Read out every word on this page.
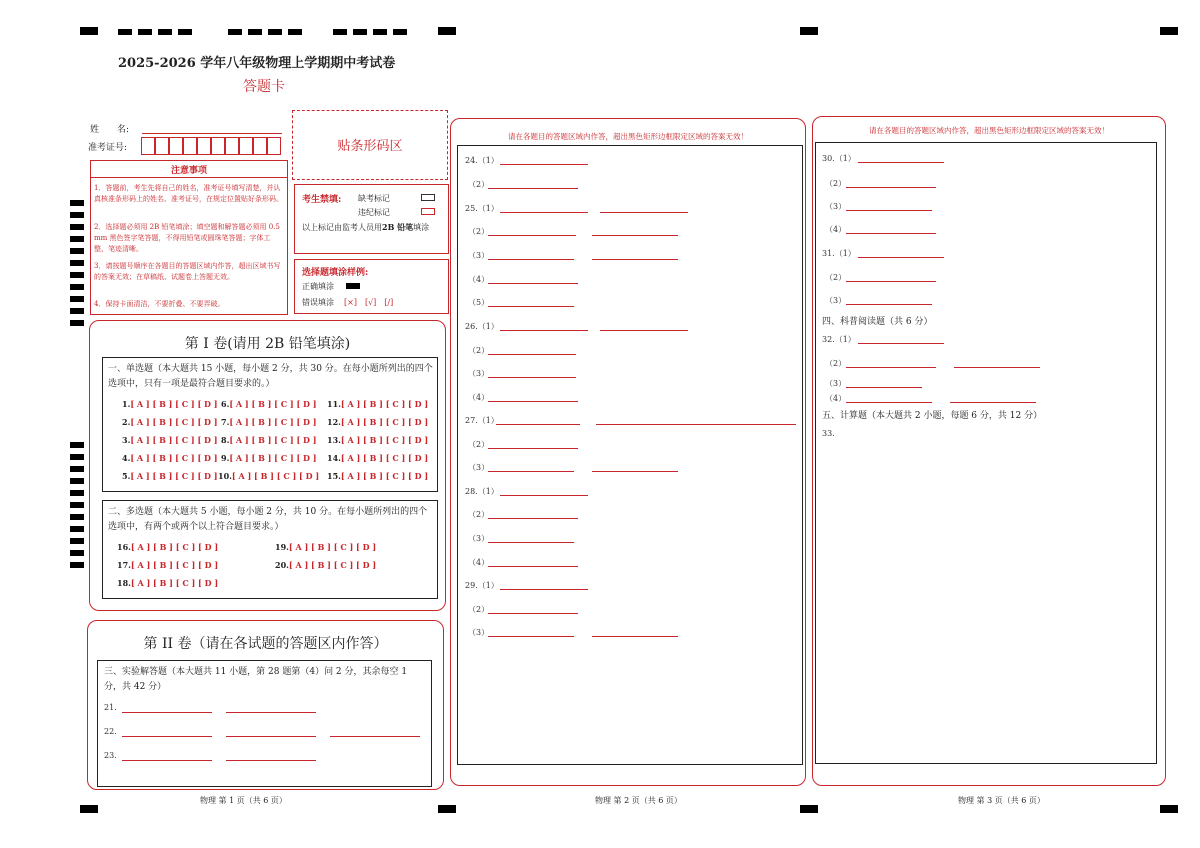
2025-2026 学年八年级物理上学期期中考试卷
答题卡
姓　　名:
准考证号:	贴条形码区
注意事项
1．答题前，考生先将自己的姓名，准考证号填写清楚，并认真核准条形码上的姓名、准考证号，在规定位置贴好条形码。
2．选择题必须用 2B 铅笔填涂；填空题和解答题必须用 0.5 mm 黑色签字笔答题，不得用铅笔或圆珠笔答题；字体工整、笔迹清晰。
3．请按题号顺序在各题目的答题区域内作答，超出区域书写的答案无效；在草稿纸、试题卷上答题无效。
4．保持卡面清洁，不要折叠、不要弄破。
考生禁填: 缺考标记
违纪标记
以上标记由监考人员用2B 铅笔填涂
选择题填涂样例:
正确填涂
错误填涂 [×]　[√]　[/]
第 I 卷(请用 2B 铅笔填涂)
一、单选题（本大题共 15 小题，每小题 2 分，共 30 分。在每小题所列出的四个选项中，只有一项是最符合题目要求的。）
1.[ A ] [ B ] [ C ] [ D ]
2.[ A ] [ B ] [ C ] [ D ]
3.[ A ] [ B ] [ C ] [ D ]
4.[ A ] [ B ] [ C ] [ D ]
5.[ A ] [ B ] [ C ] [ D ]
6.[ A ] [ B ] [ C ] [ D ]
7.[ A ] [ B ] [ C ] [ D ]
8.[ A ] [ B ] [ C ] [ D ]
9.[ A ] [ B ] [ C ] [ D ]
10.[ A ] [ B ] [ C ] [ D ]
11.[ A ] [ B ] [ C ] [ D ]
12.[ A ] [ B ] [ C ] [ D ]
13.[ A ] [ B ] [ C ] [ D ]
14.[ A ] [ B ] [ C ] [ D ]
15.[ A ] [ B ] [ C ] [ D ]
二、多选题（本大题共 5 小题，每小题 2 分，共 10 分。在每小题所列出的四个选项中，有两个或两个以上符合题目要求。）
16.[ A ] [ B ] [ C ] [ D ]
17.[ A ] [ B ] [ C ] [ D ]
18.[ A ] [ B ] [ C ] [ D ]
19.[ A ] [ B ] [ C ] [ D ]
20.[ A ] [ B ] [ C ] [ D ]
第 II 卷（请在各试题的答题区内作答）
三、实验解答题（本大题共 11 小题，第 28 题第（4）问 2 分，其余每空 1 分，共 42 分）
21.
22.
23.
物理 第 1 页（共 6 页）
请在各题目的答题区域内作答，超出黑色矩形边框限定区域的答案无效！
24.（1）
（2）
25.（1）
（2）
（3）
（4）
（5）
26.（1）
（2）
（3）
（4）
27.（1）
（2）
（3）
28.（1）
（2）
（3）
（4）
29.（1）
（2）
（3）
物理 第 2 页（共 6 页）
请在各题目的答题区域内作答，超出黑色矩形边框限定区域的答案无效！
30.（1）
（2）
（3）
（4）
31.（1）
（2）
（3）
四、科普阅读题（共 6 分）
32.（1）
（2）
（3）
（4）
五、计算题（本大题共 2 小题，每题 6 分，共 12 分）
33.
物理 第 3 页（共 6 页）
